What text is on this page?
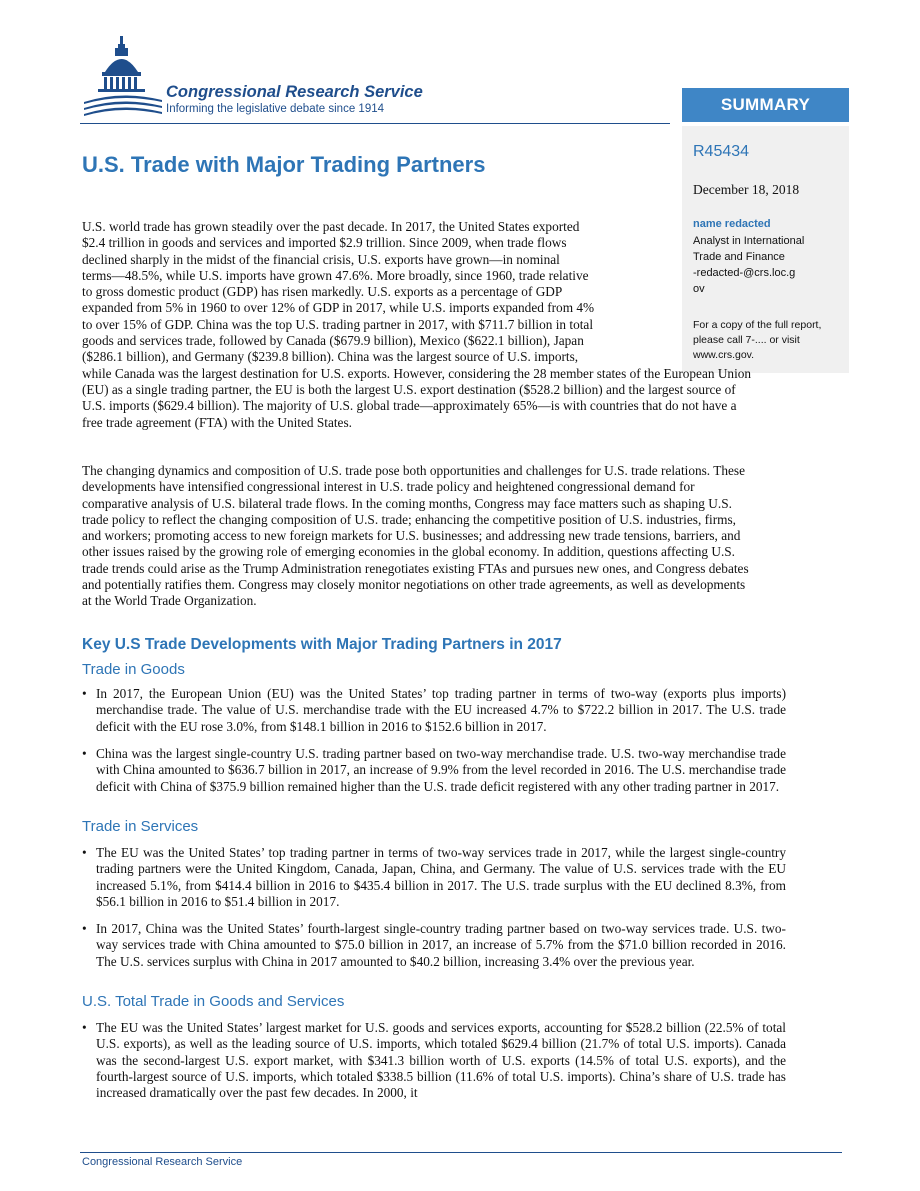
Congressional Research Service
Informing the legislative debate since 1914	SUMMARY
R45434
December 18, 2018
name redacted
Analyst in International
Trade and Finance
-redacted-@crs.loc.g
ov
For a copy of the full report, please call 7-.... or visit www.crs.gov.
U.S. Trade with Major Trading Partners
U.S. world trade has grown steadily over the past decade. In 2017, the United States exported
$2.4 trillion in goods and services and imported $2.9 trillion. Since 2009, when trade flows
declined sharply in the midst of the financial crisis, U.S. exports have grown—in nominal
terms—48.5%, while U.S. imports have grown 47.6%. More broadly, since 1960, trade relative
to gross domestic product (GDP) has risen markedly. U.S. exports as a percentage of GDP
expanded from 5% in 1960 to over 12% of GDP in 2017, while U.S. imports expanded from 4%
to over 15% of GDP. China was the top U.S. trading partner in 2017, with $711.7 billion in total
goods and services trade, followed by Canada ($679.9 billion), Mexico ($622.1 billion), Japan
($286.1 billion), and Germany ($239.8 billion). China was the largest source of U.S. imports,
while Canada was the largest destination for U.S. exports. However, considering the 28 member states of the European Union
(EU) as a single trading partner, the EU is both the largest U.S. export destination ($528.2 billion) and the largest source of
U.S. imports ($629.4 billion). The majority of U.S. global trade—approximately 65%—is with countries that do not have a
free trade agreement (FTA) with the United States.
The changing dynamics and composition of U.S. trade pose both opportunities and challenges for U.S. trade relations. These
developments have intensified congressional interest in U.S. trade policy and heightened congressional demand for
comparative analysis of U.S. bilateral trade flows. In the coming months, Congress may face matters such as shaping U.S.
trade policy to reflect the changing composition of U.S. trade; enhancing the competitive position of U.S. industries, firms,
and workers; promoting access to new foreign markets for U.S. businesses; and addressing new trade tensions, barriers, and
other issues raised by the growing role of emerging economies in the global economy. In addition, questions affecting U.S.
trade trends could arise as the Trump Administration renegotiates existing FTAs and pursues new ones, and Congress debates
and potentially ratifies them. Congress may closely monitor negotiations on other trade agreements, as well as developments
at the World Trade Organization.
Key U.S Trade Developments with Major Trading Partners in 2017
Trade in Goods
• In 2017, the European Union (EU) was the United States’ top trading partner in terms of two-way (exports plus imports) merchandise trade. The value of U.S. merchandise trade with the EU increased 4.7% to $722.2 billion in 2017. The U.S. trade deficit with the EU rose 3.0%, from $148.1 billion in 2016 to $152.6 billion in 2017.
• China was the largest single-country U.S. trading partner based on two-way merchandise trade. U.S. two-way merchandise trade with China amounted to $636.7 billion in 2017, an increase of 9.9% from the level recorded in 2016. The U.S. merchandise trade deficit with China of $375.9 billion remained higher than the U.S. trade deficit registered with any other trading partner in 2017.
Trade in Services
• The EU was the United States’ top trading partner in terms of two-way services trade in 2017, while the largest single-country trading partners were the United Kingdom, Canada, Japan, China, and Germany. The value of U.S. services trade with the EU increased 5.1%, from $414.4 billion in 2016 to $435.4 billion in 2017. The U.S. trade surplus with the EU declined 8.3%, from $56.1 billion in 2016 to $51.4 billion in 2017.
• In 2017, China was the United States’ fourth-largest single-country trading partner based on two-way services trade. U.S. two-way services trade with China amounted to $75.0 billion in 2017, an increase of 5.7% from the $71.0 billion recorded in 2016. The U.S. services surplus with China in 2017 amounted to $40.2 billion, increasing 3.4% over the previous year.
U.S. Total Trade in Goods and Services
• The EU was the United States’ largest market for U.S. goods and services exports, accounting for $528.2 billion (22.5% of total U.S. exports), as well as the leading source of U.S. imports, which totaled $629.4 billion (21.7% of total U.S. imports). Canada was the second-largest U.S. export market, with $341.3 billion worth of U.S. exports (14.5% of total U.S. exports), and the fourth-largest source of U.S. imports, which totaled $338.5 billion (11.6% of total U.S. imports). China’s share of U.S. trade has increased dramatically over the past few decades. In 2000, it
Congressional Research Service
